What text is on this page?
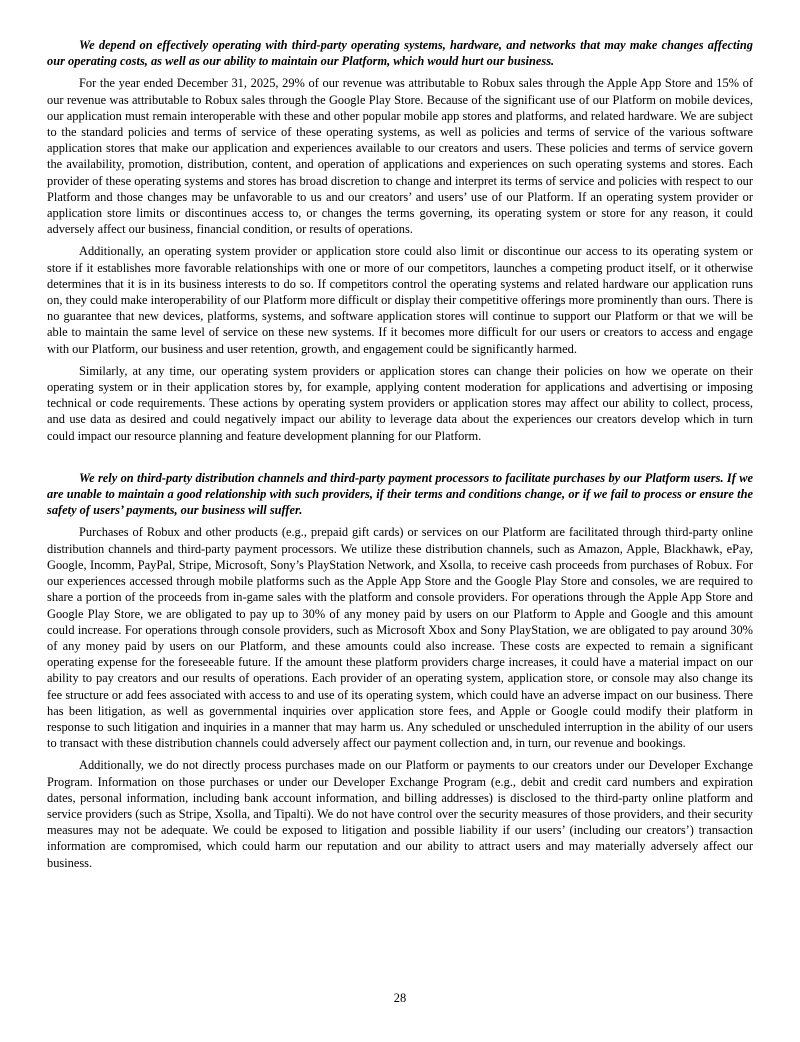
We depend on effectively operating with third-party operating systems, hardware, and networks that may make changes affecting our operating costs, as well as our ability to maintain our Platform, which would hurt our business.

For the year ended December 31, 2025, 29% of our revenue was attributable to Robux sales through the Apple App Store and 15% of our revenue was attributable to Robux sales through the Google Play Store. Because of the significant use of our Platform on mobile devices, our application must remain interoperable with these and other popular mobile app stores and platforms, and related hardware. We are subject to the standard policies and terms of service of these operating systems, as well as policies and terms of service of the various software application stores that make our application and experiences available to our creators and users. These policies and terms of service govern the availability, promotion, distribution, content, and operation of applications and experiences on such operating systems and stores. Each provider of these operating systems and stores has broad discretion to change and interpret its terms of service and policies with respect to our Platform and those changes may be unfavorable to us and our creators’ and users’ use of our Platform. If an operating system provider or application store limits or discontinues access to, or changes the terms governing, its operating system or store for any reason, it could adversely affect our business, financial condition, or results of operations.

Additionally, an operating system provider or application store could also limit or discontinue our access to its operating system or store if it establishes more favorable relationships with one or more of our competitors, launches a competing product itself, or it otherwise determines that it is in its business interests to do so. If competitors control the operating systems and related hardware our application runs on, they could make interoperability of our Platform more difficult or display their competitive offerings more prominently than ours. There is no guarantee that new devices, platforms, systems, and software application stores will continue to support our Platform or that we will be able to maintain the same level of service on these new systems. If it becomes more difficult for our users or creators to access and engage with our Platform, our business and user retention, growth, and engagement could be significantly harmed.

Similarly, at any time, our operating system providers or application stores can change their policies on how we operate on their operating system or in their application stores by, for example, applying content moderation for applications and advertising or imposing technical or code requirements. These actions by operating system providers or application stores may affect our ability to collect, process, and use data as desired and could negatively impact our ability to leverage data about the experiences our creators develop which in turn could impact our resource planning and feature development planning for our Platform.

We rely on third-party distribution channels and third-party payment processors to facilitate purchases by our Platform users. If we are unable to maintain a good relationship with such providers, if their terms and conditions change, or if we fail to process or ensure the safety of users’ payments, our business will suffer.

Purchases of Robux and other products (e.g., prepaid gift cards) or services on our Platform are facilitated through third-party online distribution channels and third-party payment processors. We utilize these distribution channels, such as Amazon, Apple, Blackhawk, ePay, Google, Incomm, PayPal, Stripe, Microsoft, Sony’s PlayStation Network, and Xsolla, to receive cash proceeds from purchases of Robux. For our experiences accessed through mobile platforms such as the Apple App Store and the Google Play Store and consoles, we are required to share a portion of the proceeds from in-game sales with the platform and console providers. For operations through the Apple App Store and Google Play Store, we are obligated to pay up to 30% of any money paid by users on our Platform to Apple and Google and this amount could increase. For operations through console providers, such as Microsoft Xbox and Sony PlayStation, we are obligated to pay around 30% of any money paid by users on our Platform, and these amounts could also increase. These costs are expected to remain a significant operating expense for the foreseeable future. If the amount these platform providers charge increases, it could have a material impact on our ability to pay creators and our results of operations. Each provider of an operating system, application store, or console may also change its fee structure or add fees associated with access to and use of its operating system, which could have an adverse impact on our business. There has been litigation, as well as governmental inquiries over application store fees, and Apple or Google could modify their platform in response to such litigation and inquiries in a manner that may harm us. Any scheduled or unscheduled interruption in the ability of our users to transact with these distribution channels could adversely affect our payment collection and, in turn, our revenue and bookings.

Additionally, we do not directly process purchases made on our Platform or payments to our creators under our Developer Exchange Program. Information on those purchases or under our Developer Exchange Program (e.g., debit and credit card numbers and expiration dates, personal information, including bank account information, and billing addresses) is disclosed to the third-party online platform and service providers (such as Stripe, Xsolla, and Tipalti). We do not have control over the security measures of those providers, and their security measures may not be adequate. We could be exposed to litigation and possible liability if our users’ (including our creators’) transaction information are compromised, which could harm our reputation and our ability to attract users and may materially adversely affect our business.

28
